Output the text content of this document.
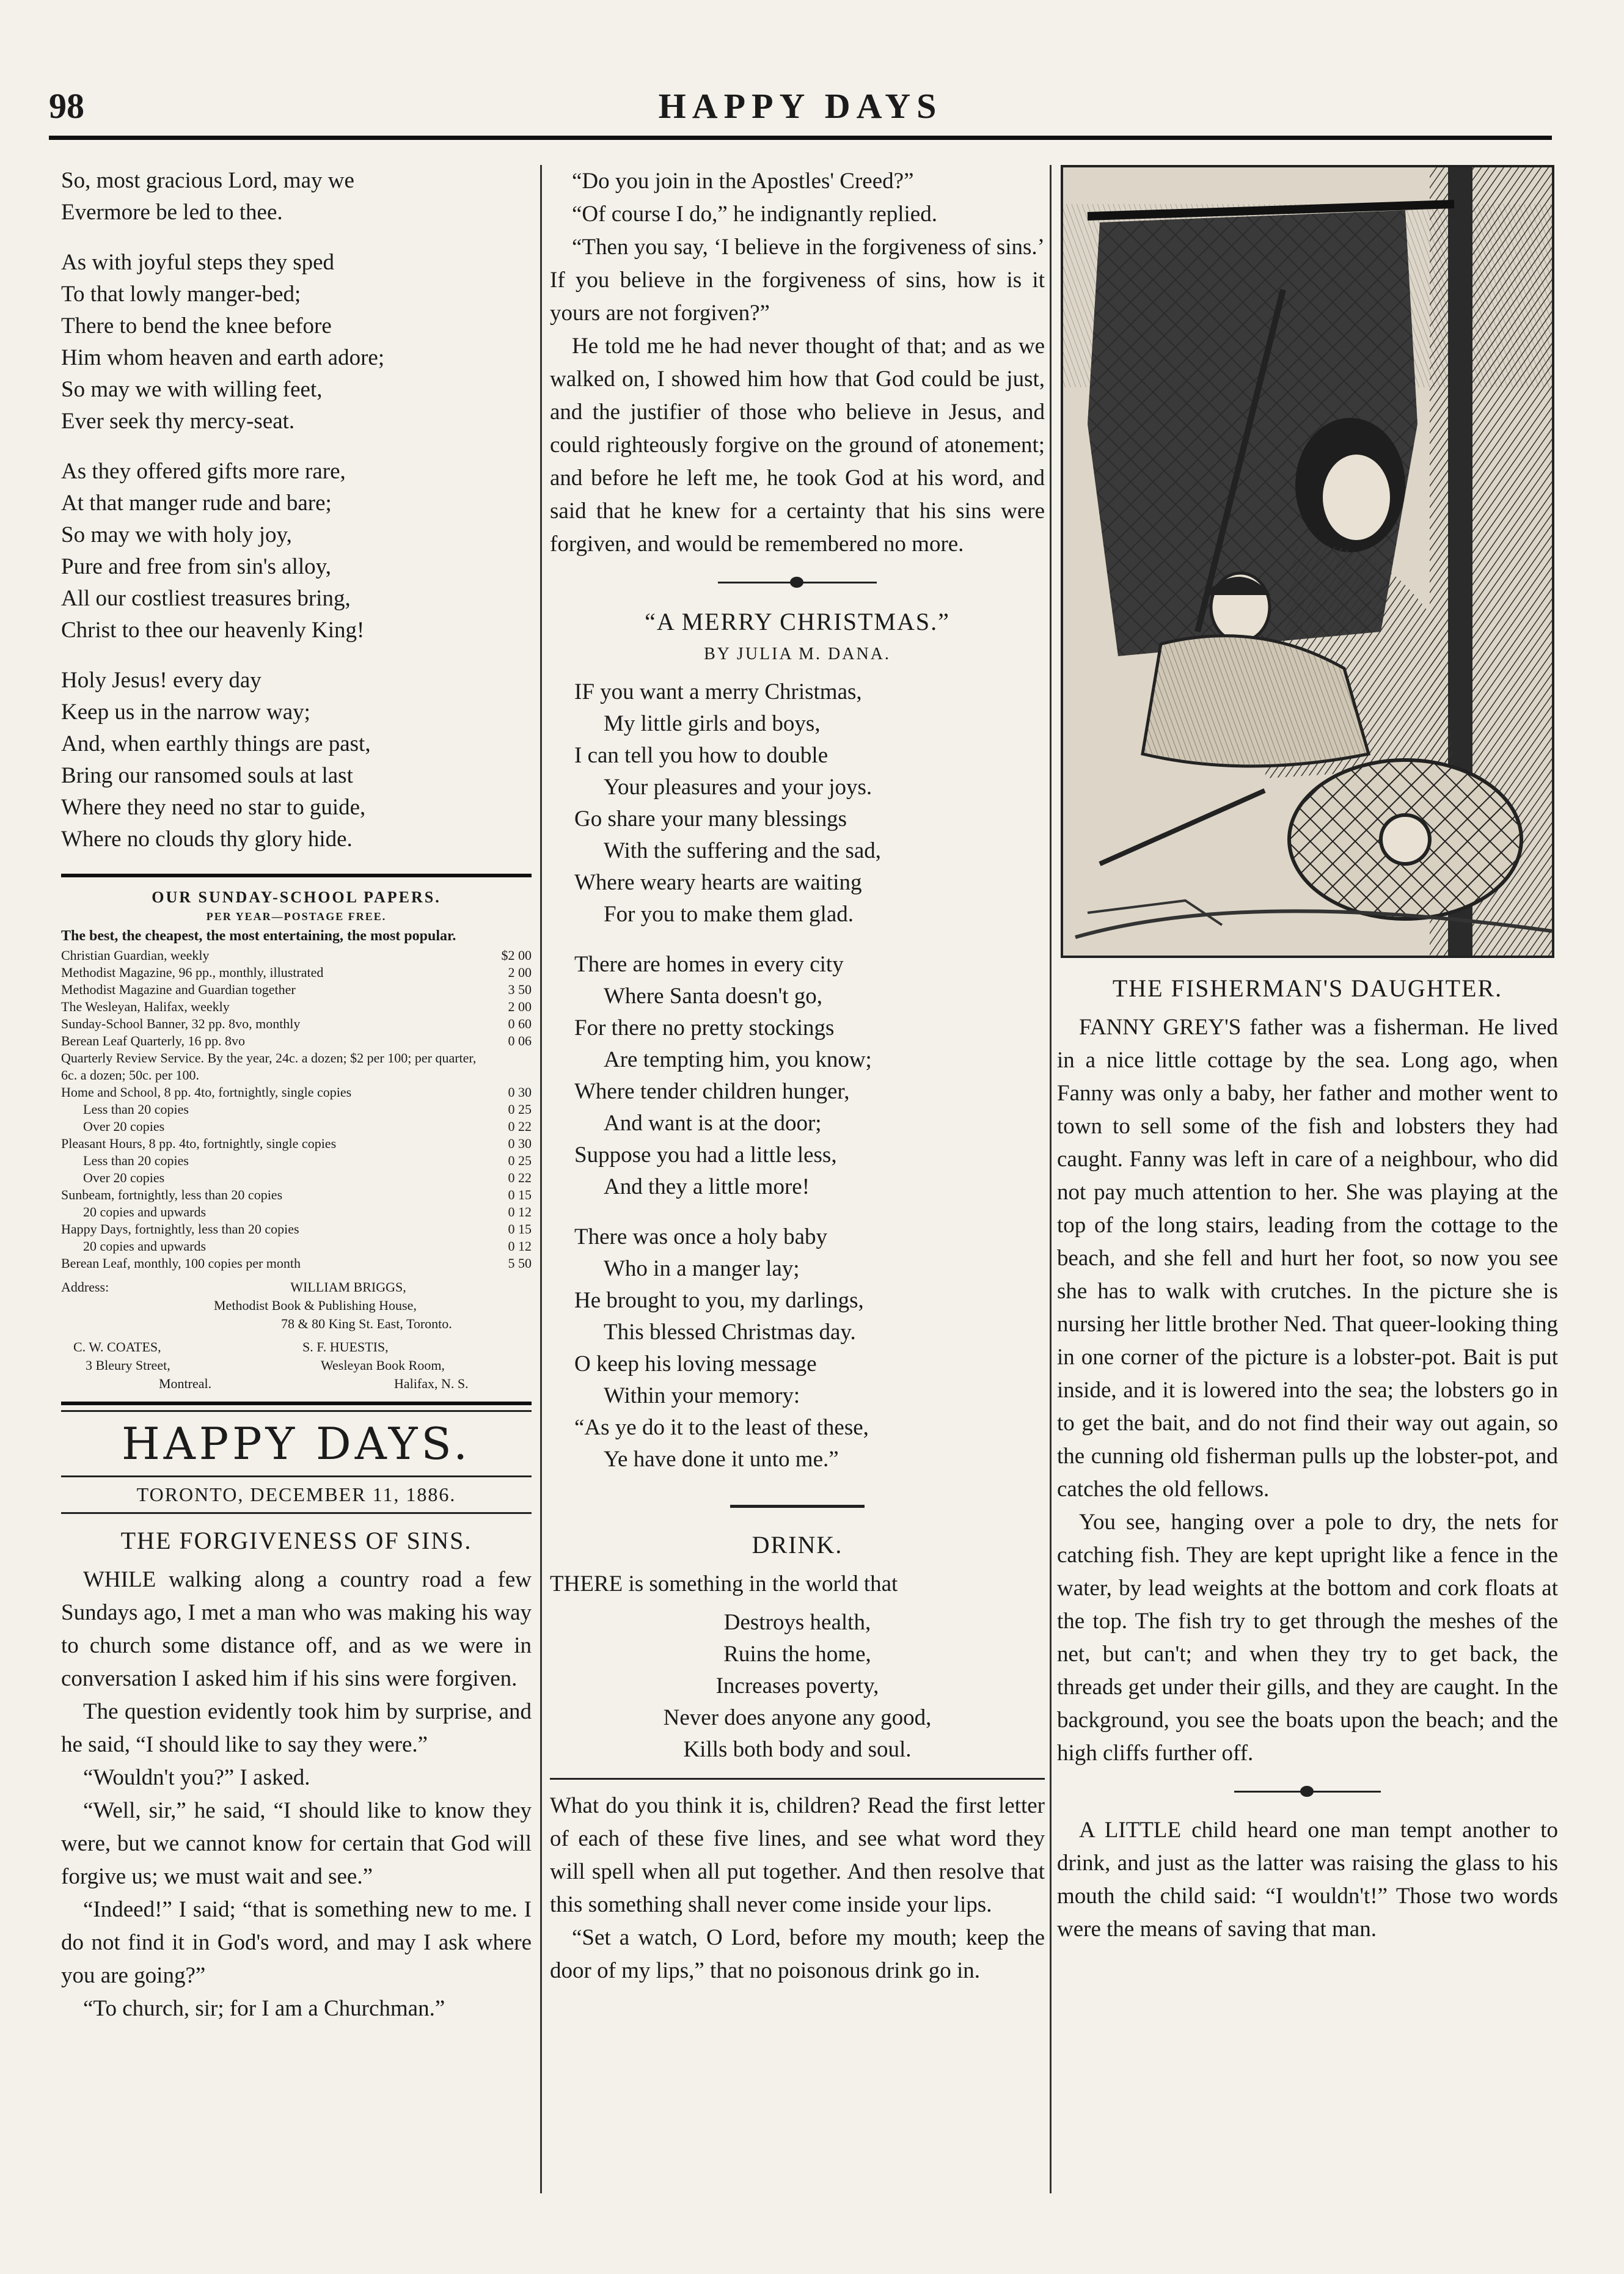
98	HAPPY DAYS
So, most gracious Lord, may we
Evermore be led to thee.
As with joyful steps they sped
To that lowly manger-bed;
There to bend the knee before
Him whom heaven and earth adore;
So may we with willing feet,
Ever seek thy mercy-seat.
As they offered gifts more rare,
At that manger rude and bare;
So may we with holy joy,
Pure and free from sin's alloy,
All our costliest treasures bring,
Christ to thee our heavenly King!
Holy Jesus! every day
Keep us in the narrow way;
And, when earthly things are past,
Bring our ransomed souls at last
Where they need no star to guide,
Where no clouds thy glory hide.
OUR SUNDAY-SCHOOL PAPERS.
PER YEAR—POSTAGE FREE.
The best, the cheapest, the most entertaining, the most popular.
Christian Guardian, weekly	$2 00
Methodist Magazine, 96 pp., monthly, illustrated	2 00
Methodist Magazine and Guardian together	3 50
The Wesleyan, Halifax, weekly	2 00
Sunday-School Banner, 32 pp. 8vo, monthly	0 60
Berean Leaf Quarterly, 16 pp. 8vo	0 06
Quarterly Review Service. By the year, 24c. a dozen; $2 per 100; per quarter, 6c. a dozen; 50c. per 100.	
Home and School, 8 pp. 4to, fortnightly, single copies	0 30
Less than 20 copies	0 25
Over 20 copies	0 22
Pleasant Hours, 8 pp. 4to, fortnightly, single copies	0 30
Less than 20 copies	0 25
Over 20 copies	0 22
Sunbeam, fortnightly, less than 20 copies	0 15
20 copies and upwards	0 12
Happy Days, fortnightly, less than 20 copies	0 15
20 copies and upwards	0 12
Berean Leaf, monthly, 100 copies per month	5 50
Address:	WILLIAM BRIGGS,
Methodist Book & Publishing House,
78 & 80 King St. East, Toronto.
C. W. COATES,
3 Bleury Street,
Montreal.
S. F. HUESTIS,
Wesleyan Book Room,
Halifax, N. S.
HAPPY DAYS.
TORONTO, DECEMBER 11, 1886.
THE FORGIVENESS OF SINS.

WHILE walking along a country road a few Sundays ago, I met a man who was making his way to church some distance off, and as we were in conversation I asked him if his sins were forgiven.

The question evidently took him by surprise, and he said, “I should like to say they were.”

“Wouldn't you?” I asked.

“Well, sir,” he said, “I should like to know they were, but we cannot know for certain that God will forgive us; we must wait and see.”

“Indeed!” I said; “that is something new to me. I do not find it in God's word, and may I ask where you are going?”

“To church, sir; for I am a Churchman.”

“Do you join in the Apostles' Creed?”

“Of course I do,” he indignantly replied.

“Then you say, ‘I believe in the forgiveness of sins.’ If you believe in the forgiveness of sins, how is it yours are not forgiven?”

He told me he had never thought of that; and as we walked on, I showed him how that God could be just, and the justifier of those who believe in Jesus, and could righteously forgive on the ground of atonement; and before he left me, he took God at his word, and said that he knew for a certainty that his sins were forgiven, and would be remembered no more.

“A MERRY CHRISTMAS.”
BY JULIA M. DANA.
IF you want a merry Christmas,
My little girls and boys,
I can tell you how to double
Your pleasures and your joys.
Go share your many blessings
With the suffering and the sad,
Where weary hearts are waiting
For you to make them glad.
There are homes in every city
Where Santa doesn't go,
For there no pretty stockings
Are tempting him, you know;
Where tender children hunger,
And want is at the door;
Suppose you had a little less,
And they a little more!
There was once a holy baby
Who in a manger lay;
He brought to you, my darlings,
This blessed Christmas day.
O keep his loving message
Within your memory:
“As ye do it to the least of these,
Ye have done it unto me.”
DRINK.

THERE is something in the world that

Destroys health,
Ruins the home,
Increases poverty,
Never does anyone any good,
Kills both body and soul.

What do you think it is, children? Read the first letter of each of these five lines, and see what word they will spell when all put together. And then resolve that this something shall never come inside your lips.

“Set a watch, O Lord, before my mouth; keep the door of my lips,” that no poisonous drink go in.

THE FISHERMAN'S DAUGHTER.

FANNY GREY'S father was a fisherman. He lived in a nice little cottage by the sea. Long ago, when Fanny was only a baby, her father and mother went to town to sell some of the fish and lobsters they had caught. Fanny was left in care of a neighbour, who did not pay much attention to her. She was playing at the top of the long stairs, leading from the cottage to the beach, and she fell and hurt her foot, so now you see she has to walk with crutches. In the picture she is nursing her little brother Ned. That queer-looking thing in one corner of the picture is a lobster-pot. Bait is put inside, and it is lowered into the sea; the lobsters go in to get the bait, and do not find their way out again, so the cunning old fisherman pulls up the lobster-pot, and catches the old fellows.

You see, hanging over a pole to dry, the nets for catching fish. They are kept upright like a fence in the water, by lead weights at the bottom and cork floats at the top. The fish try to get through the meshes of the net, but can't; and when they try to get back, the threads get under their gills, and they are caught. In the background, you see the boats upon the beach; and the high cliffs further off.

A LITTLE child heard one man tempt another to drink, and just as the latter was raising the glass to his mouth the child said: “I wouldn't!” Those two words were the means of saving that man.
